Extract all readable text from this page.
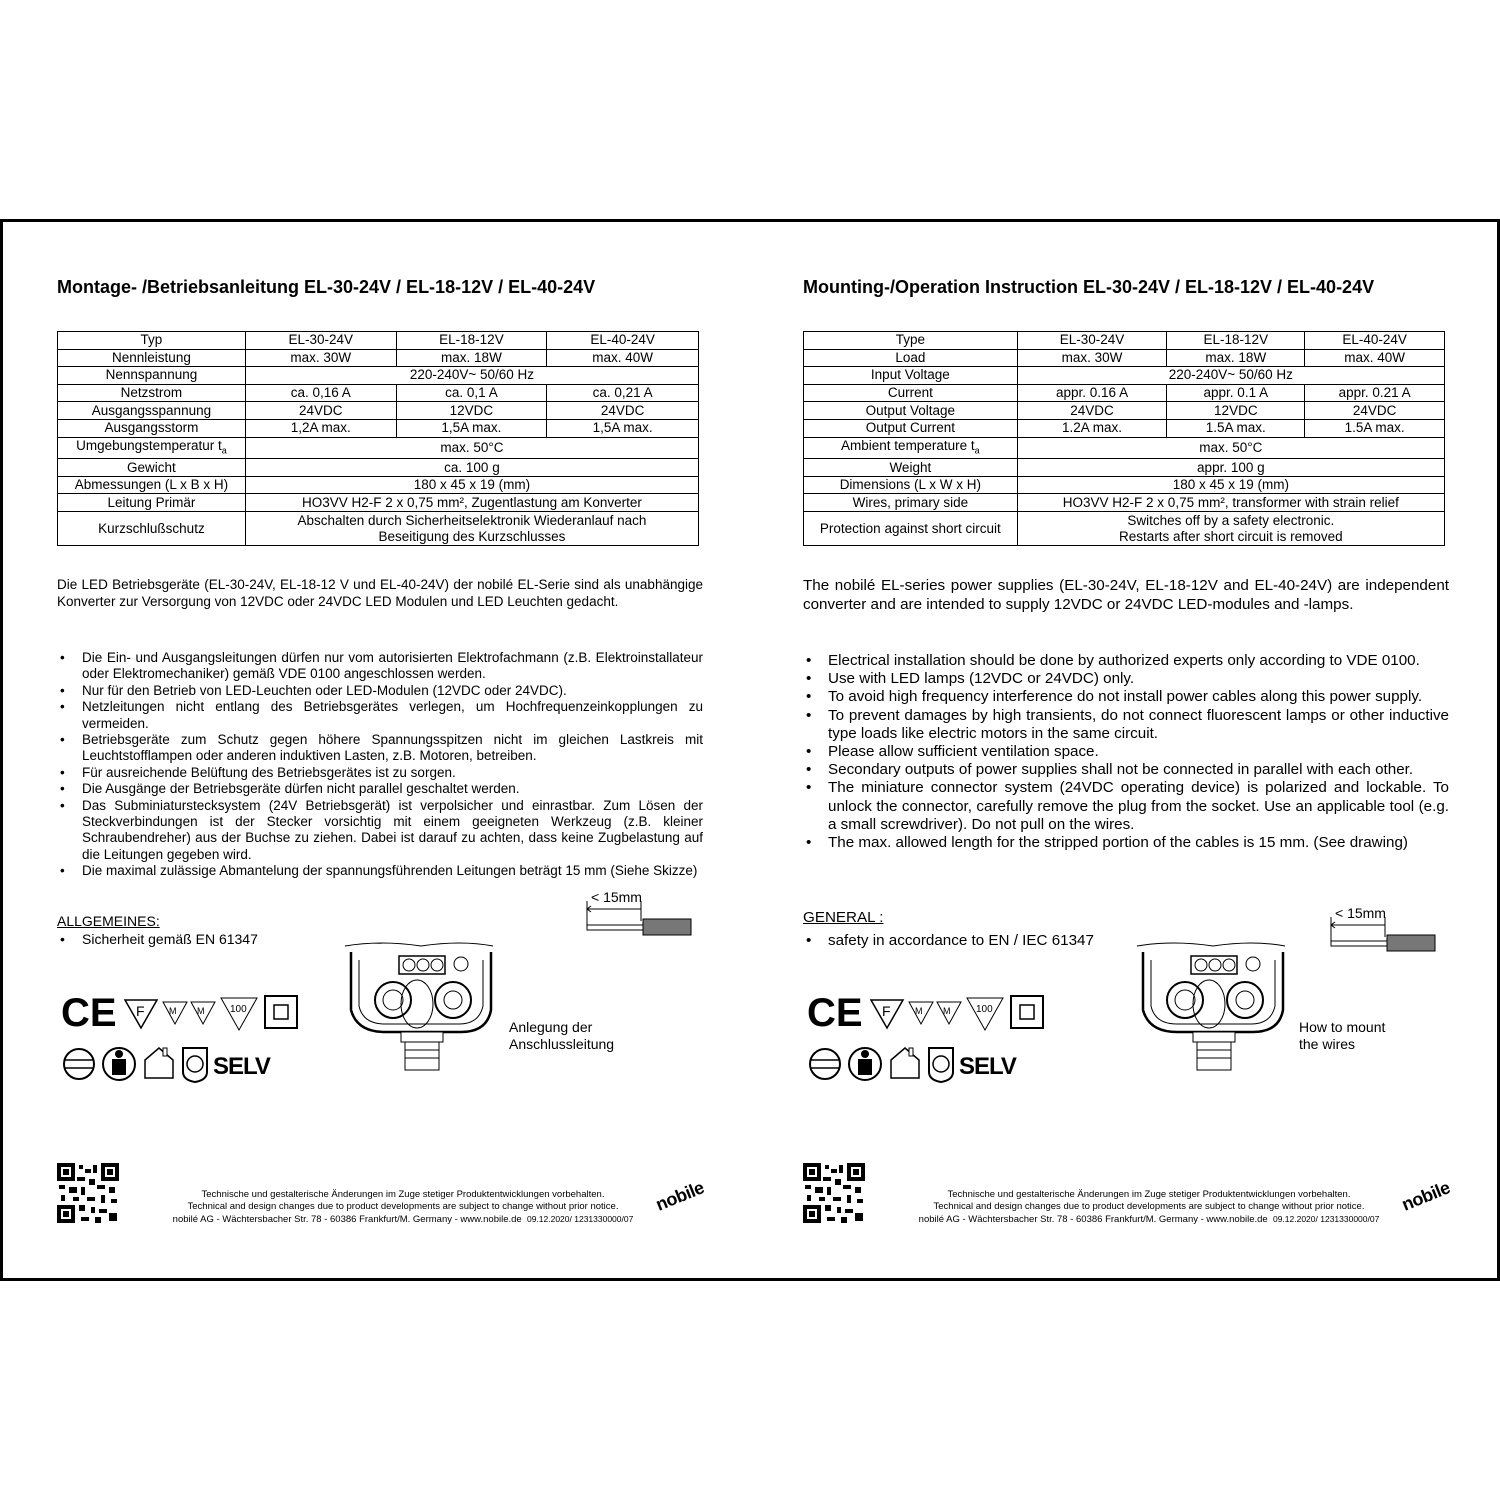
Montage- /Betriebsanleitung EL-30-24V / EL-18-12V / EL-40-24V
Typ	EL-30-24V	EL-18-12V	EL-40-24V
Nennleistung	max. 30W	max. 18W	max. 40W
Nennspannung	220-240V~ 50/60 Hz		
Netzstrom	ca. 0,16 A	ca. 0,1 A	ca. 0,21 A
Ausgangsspannung	24VDC	12VDC	24VDC
Ausgangsstorm	1,2A max.	1,5A max.	1,5A max.
Umgebungstemperatur $t_a$	max. 50°C		
Gewicht	ca. 100 g		
Abmessungen (L x B x H)	180 x 45 x 19 (mm)		
Leitung Primär	HO3VV H2-F 2 x 0,75 mm², Zugentlastung am Konverter		
Kurzschlußschutz	Abschalten durch Sicherheitselektronik Wiederanlauf nach
Beseitigung des Kurzschlusses		
Die LED Betriebsgeräte (EL-30-24V, EL-18-12 V und EL-40-24V) der nobilé EL-Serie sind als unabhängige Konverter zur Versorgung von 12VDC oder 24VDC LED Modulen und LED Leuchten gedacht.
• Die Ein- und Ausgangsleitungen dürfen nur vom autorisierten Elektrofachmann (z.B. Elektroinstallateur oder Elektromechaniker) gemäß VDE 0100 angeschlossen werden.
• Nur für den Betrieb von LED-Leuchten oder LED-Modulen (12VDC oder 24VDC).
• Netzleitungen nicht entlang des Betriebsgerätes verlegen, um Hochfrequenzeinkopplungen zu vermeiden.
• Betriebsgeräte zum Schutz gegen höhere Spannungsspitzen nicht im gleichen Lastkreis mit Leuchtstofflampen oder anderen induktiven Lasten, z.B. Motoren, betreiben.
• Für ausreichende Belüftung des Betriebsgerätes ist zu sorgen.
• Die Ausgänge der Betriebsgeräte dürfen nicht parallel geschaltet werden.
• Das Subminiaturstecksystem (24V Betriebsgerät) ist verpolsicher und einrastbar. Zum Lösen der Steckverbindungen ist der Stecker vorsichtig mit einem geeigneten Werkzeug (z.B. kleiner Schraubendreher) aus der Buchse zu ziehen. Dabei ist darauf zu achten, dass keine Zugbelastung auf die Leitungen gegeben wird.
• Die maximal zulässige Abmantelung der spannungsführenden Leitungen beträgt 15 mm (Siehe Skizze)
ALLGEMEINES:
• Sicherheit gemäß EN 61347
< 15mm
Anlegung der
Anschlussleitung
CE F	M M	100
SELV
Technische und gestalterische Änderungen im Zuge stetiger Produktentwicklungen vorbehalten.
Technical and design changes due to product developments are subject to change without prior notice.
nobilé AG - Wächtersbacher Str. 78 - 60386 Frankfurt/M. Germany - www.nobile.de 09.12.2020/ 1231330000/07
nobile
Mounting-/Operation Instruction EL-30-24V / EL-18-12V / EL-40-24V
Type	EL-30-24V	EL-18-12V	EL-40-24V
Load	max. 30W	max. 18W	max. 40W
Input Voltage	220-240V~ 50/60 Hz		
Current	appr. 0.16 A	appr. 0.1 A	appr. 0.21 A
Output Voltage	24VDC	12VDC	24VDC
Output Current	1.2A max.	1.5A max.	1.5A max.
Ambient temperature $t_a$	max. 50°C		
Weight	appr. 100 g		
Dimensions (L x W x H)	180 x 45 x 19 (mm)		
Wires, primary side	HO3VV H2-F 2 x 0,75 mm², transformer with strain relief		
Protection against short circuit	Switches off by a safety electronic.
Restarts after short circuit is removed		
The nobilé EL-series power supplies (EL-30-24V, EL-18-12V and EL-40-24V) are independent converter and are intended to supply 12VDC or 24VDC LED-modules and -lamps.
• Electrical installation should be done by authorized experts only according to VDE 0100.
• Use with LED lamps (12VDC or 24VDC) only.
• To avoid high frequency interference do not install power cables along this power supply.
• To prevent damages by high transients, do not connect fluorescent lamps or other inductive type loads like electric motors in the same circuit.
• Please allow sufficient ventilation space.
• Secondary outputs of power supplies shall not be connected in parallel with each other.
• The miniature connector system (24VDC operating device) is polarized and lockable. To unlock the connector, carefully remove the plug from the socket. Use an applicable tool (e.g. a small screwdriver). Do not pull on the wires.
• The max. allowed length for the stripped portion of the cables is 15 mm. (See drawing)
GENERAL :
• safety in accordance to EN / IEC 61347
< 15mm
How to mount
the wires
CE F	M M	100
SELV
Technische und gestalterische Änderungen im Zuge stetiger Produktentwicklungen vorbehalten.
Technical and design changes due to product developments are subject to change without prior notice.
nobilé AG - Wächtersbacher Str. 78 - 60386 Frankfurt/M. Germany - www.nobile.de 09.12.2020/ 1231330000/07
nobile
